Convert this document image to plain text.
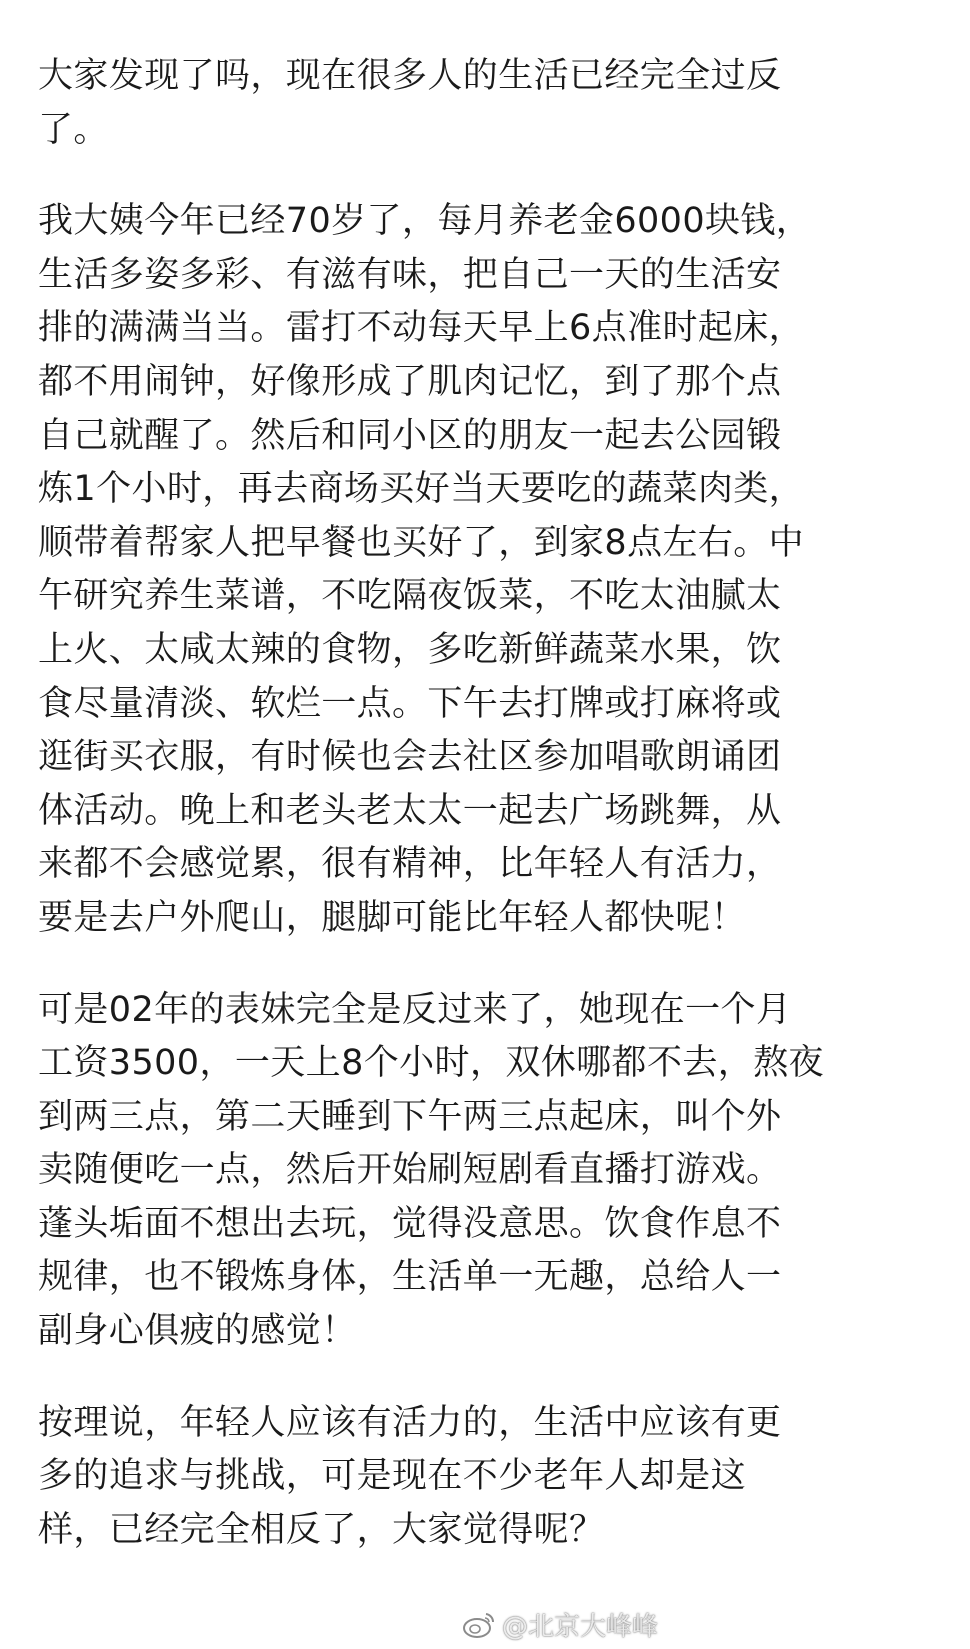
大家发现了吗，现在很多人的生活已经完全过反
了。

我大姨今年已经70岁了，每月养老金6000块钱，
生活多姿多彩、有滋有味，把自己一天的生活安
排的满满当当。雷打不动每天早上6点准时起床，
都不用闹钟，好像形成了肌肉记忆，到了那个点
自己就醒了。然后和同小区的朋友一起去公园锻
炼1个小时，再去商场买好当天要吃的蔬菜肉类，
顺带着帮家人把早餐也买好了，到家8点左右。中
午研究养生菜谱，不吃隔夜饭菜，不吃太油腻太
上火、太咸太辣的食物，多吃新鲜蔬菜水果，饮
食尽量清淡、软烂一点。下午去打牌或打麻将或
逛街买衣服，有时候也会去社区参加唱歌朗诵团
体活动。晚上和老头老太太一起去广场跳舞，从
来都不会感觉累，很有精神，比年轻人有活力，
要是去户外爬山，腿脚可能比年轻人都快呢！

可是02年的表妹完全是反过来了，她现在一个月
工资3500，一天上8个小时，双休哪都不去，熬夜
到两三点，第二天睡到下午两三点起床，叫个外
卖随便吃一点，然后开始刷短剧看直播打游戏。
蓬头垢面不想出去玩，觉得没意思。饮食作息不
规律，也不锻炼身体，生活单一无趣，总给人一
副身心俱疲的感觉！

按理说，年轻人应该有活力的，生活中应该有更
多的追求与挑战，可是现在不少老年人却是这
样，已经完全相反了，大家觉得呢？

@北京大峰峰
